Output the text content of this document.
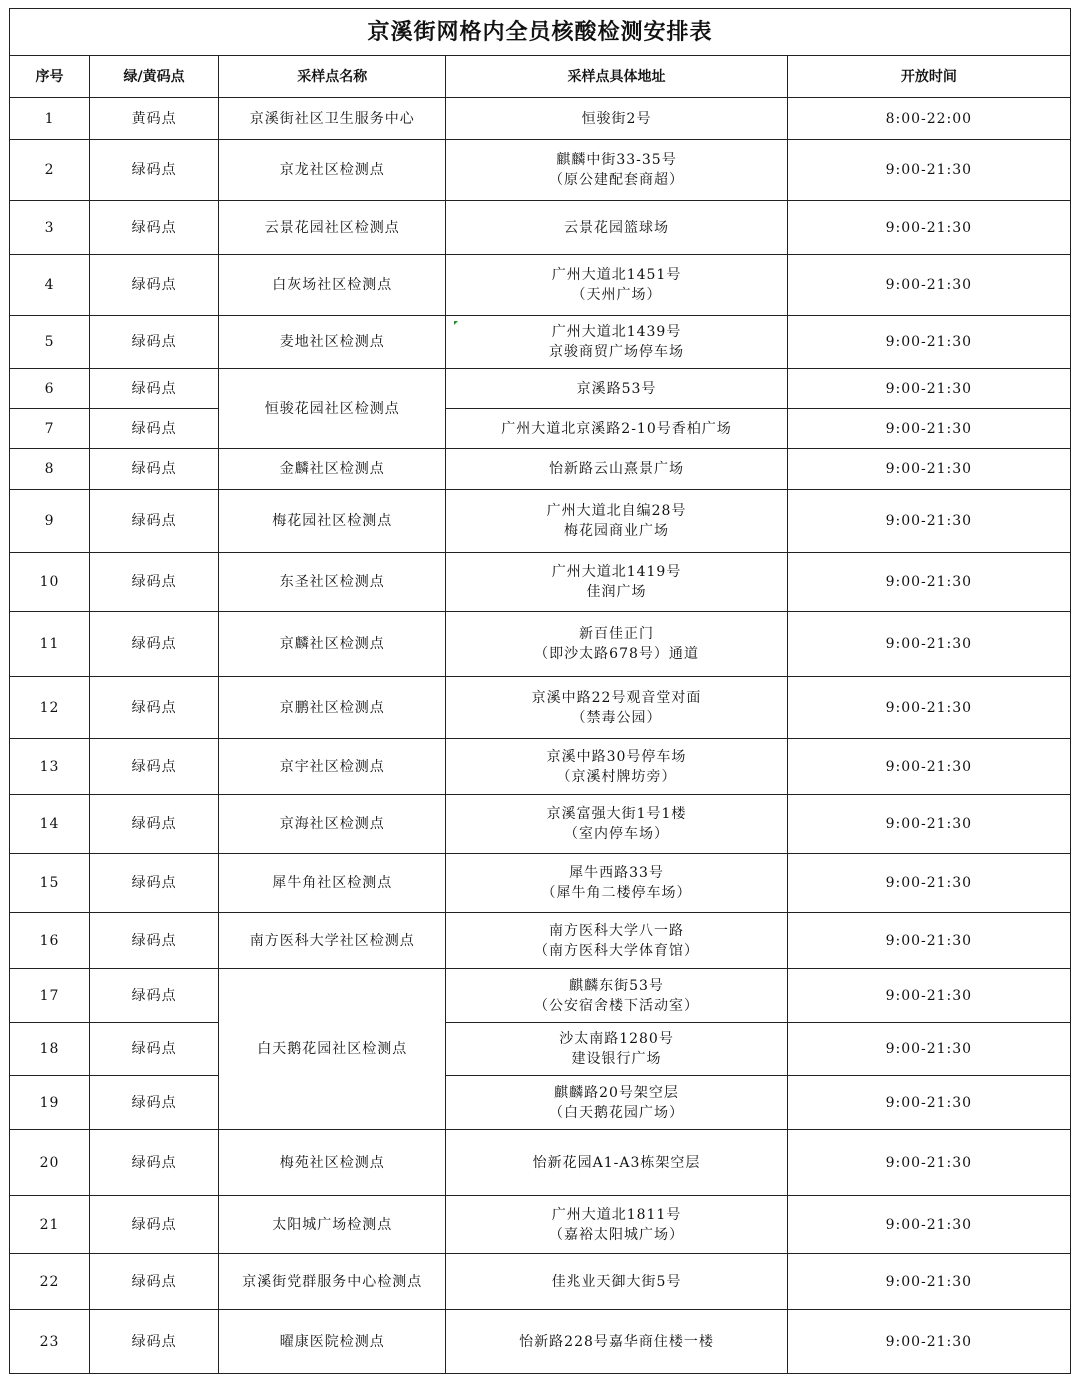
京溪街网格内全员核酸检测安排表				
序号	绿/黄码点	采样点名称	采样点具体地址	开放时间
1	黄码点	京溪街社区卫生服务中心	恒骏街2号	8:00-22:00
2	绿码点	京龙社区检测点	麒麟中街33-35号
（原公建配套商超）	9:00-21:30
3	绿码点	云景花园社区检测点	云景花园篮球场	9:00-21:30
4	绿码点	白灰场社区检测点	广州大道北1451号
（天州广场）	9:00-21:30
5	绿码点	麦地社区检测点	广州大道北1439号
京骏商贸广场停车场	9:00-21:30
6	绿码点	恒骏花园社区检测点	京溪路53号	9:00-21:30
7	绿码点		广州大道北京溪路2-10号香柏广场	9:00-21:30
8	绿码点	金麟社区检测点	怡新路云山熹景广场	9:00-21:30
9	绿码点	梅花园社区检测点	广州大道北自编28号
梅花园商业广场	9:00-21:30
10	绿码点	东圣社区检测点	广州大道北1419号
佳润广场	9:00-21:30
11	绿码点	京麟社区检测点	新百佳正门
（即沙太路678号）通道	9:00-21:30
12	绿码点	京鹏社区检测点	京溪中路22号观音堂对面
（禁毒公园）	9:00-21:30
13	绿码点	京宇社区检测点	京溪中路30号停车场
（京溪村牌坊旁）	9:00-21:30
14	绿码点	京海社区检测点	京溪富强大街1号1楼
（室内停车场）	9:00-21:30
15	绿码点	犀牛角社区检测点	犀牛西路33号
（犀牛角二楼停车场）	9:00-21:30
16	绿码点	南方医科大学社区检测点	南方医科大学八一路
（南方医科大学体育馆）	9:00-21:30
17	绿码点	白天鹅花园社区检测点	麒麟东街53号
（公安宿舍楼下活动室）	9:00-21:30
18	绿码点		沙太南路1280号
建设银行广场	9:00-21:30
19	绿码点		麒麟路20号架空层
（白天鹅花园广场）	9:00-21:30
20	绿码点	梅苑社区检测点	怡新花园A1-A3栋架空层	9:00-21:30
21	绿码点	太阳城广场检测点	广州大道北1811号
（嘉裕太阳城广场）	9:00-21:30
22	绿码点	京溪街党群服务中心检测点	佳兆业天御大街5号	9:00-21:30
23	绿码点	曜康医院检测点	怡新路228号嘉华商住楼一楼	9:00-21:30
